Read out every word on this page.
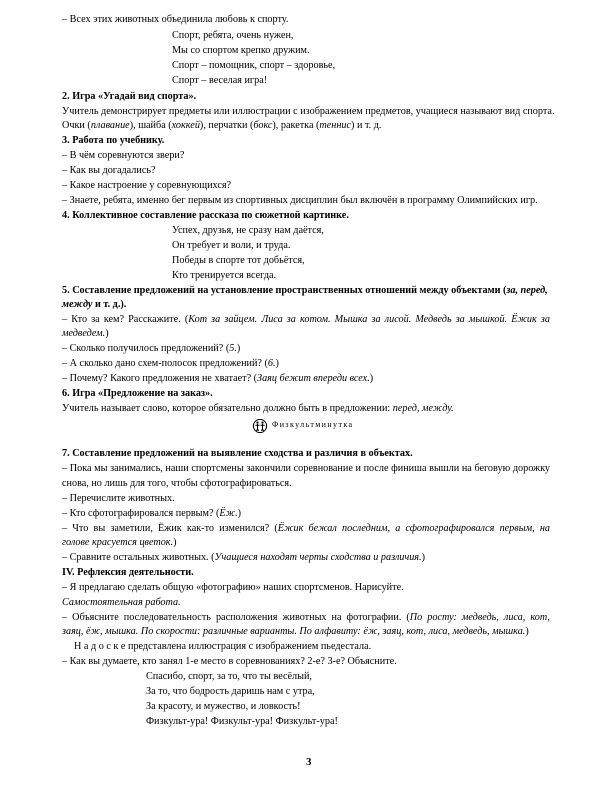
– Всех этих животных объединила любовь к спорту.
Спорт, ребята, очень нужен,
Мы со спортом крепко дружим.
Спорт – помощник, спорт – здоровье,
Спорт – веселая игра!
2. Игра «Угадай вид спорта».
Учитель демонстрирует предметы или иллюстрации с изображением предметов, учащиеся называют вид спорта.
Очки (плавание), шайба (хоккей), перчатки (бокс), ракетка (теннис) и т. д.
3. Работа по учебнику.
– В чём соревнуются звери?
– Как вы догадались?
– Какое настроение у соревнующихся?
– Знаете, ребята, именно бег первым из спортивных дисциплин был включён в программу Олимпийских игр.
4. Коллективное составление рассказа по сюжетной картинке.
Успех, друзья, не сразу нам даётся,
Он требует и воли, и труда.
Победы в спорте тот добьётся,
Кто тренируется всегда.
5. Составление предложений на установление пространственных отношений между объектами (за, перед,
между и т. д.).
– Кто за кем? Расскажите. (Кот за зайцем. Лиса за котом. Мышка за лисой. Медведь за мышкой. Ёжик за
медведем.)
– Сколько получилось предложений? (5.)
– А сколько дано схем-полосок предложений? (6.)
– Почему? Какого предложения не хватает? (Заяц бежит впереди всех.)
6. Игра «Предложение на заказ».
Учитель называет слово, которое обязательно должно быть в предложении: перед, между.
Физкультминутка
7. Составление предложений на выявление сходства и различия в объектах.
– Пока мы занимались, наши спортсмены закончили соревнование и после финиша вышли на беговую дорожку
снова, но лишь для того, чтобы сфотографироваться.
– Перечислите животных.
– Кто сфотографировался первым? (Ёж.)
– Что вы заметили, Ёжик как-то изменился? (Ёжик бежал последним, а сфотографировался первым, на
голове красуется цветок.)
– Сравните остальных животных. (Учащиеся находят черты сходства и различия.)
IV. Рефлексия деятельности.
– Я предлагаю сделать общую «фотографию» наших спортсменов. Нарисуйте.
Самостоятельная работа.
– Объясните последовательность расположения животных на фотографии. (По росту: медведь, лиса, кот,
заяц, ёж, мышка. По скорости: различные варианты. По алфавиту: ёж, заяц, кот, лиса, медведь, мышка.)
Н а д о с к е представлена иллюстрация с изображением пьедестала.
– Как вы думаете, кто занял 1-е место в соревнованиях? 2-е? 3-е? Объясните.
Спасибо, спорт, за то, что ты весёлый,
За то, что бодрость даришь нам с утра,
За красоту, и мужество, и ловкость!
Физкульт-ура! Физкульт-ура! Физкульт-ура!
3
